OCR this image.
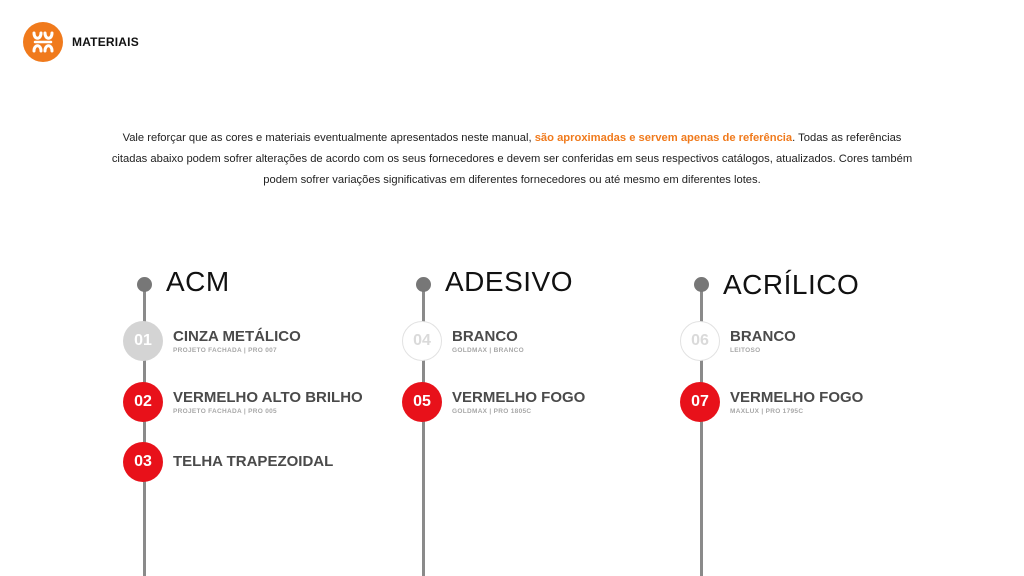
MATERIAIS
Vale reforçar que as cores e materiais eventualmente apresentados neste manual, são aproximadas e servem apenas de referência. Todas as referências citadas abaixo podem sofrer alterações de acordo com os seus fornecedores e devem ser conferidas em seus respectivos catálogos, atualizados. Cores também podem sofrer variações significativas em diferentes fornecedores ou até mesmo em diferentes lotes.
ACM
01	CINZA METÁLICO
PROJETO FACHADA | PRO 007
02	VERMELHO ALTO BRILHO
PROJETO FACHADA | PRO 005
03	TELHA TRAPEZOIDAL
ADESIVO
04	BRANCO
GOLDMAX | BRANCO
05	VERMELHO FOGO
GOLDMAX | PRO 1805C
ACRÍLICO
06	BRANCO
LEITOSO
07	VERMELHO FOGO
MAXLUX | PRO 1795C
